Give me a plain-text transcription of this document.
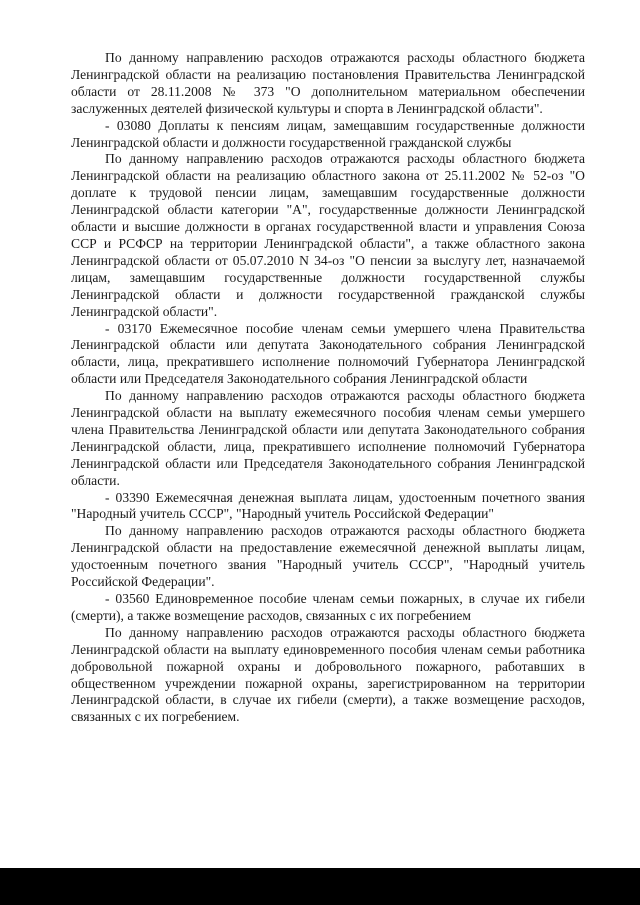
По данному направлению расходов отражаются расходы областного бюджета Ленинградской области на реализацию постановления Правительства Ленинградской области от 28.11.2008 № 373 "О дополнительном материальном обеспечении заслуженных деятелей физической культуры и спорта в Ленинградской области".

- 03080 Доплаты к пенсиям лицам, замещавшим государственные должности Ленинградской области и должности государственной гражданской службы

По данному направлению расходов отражаются расходы областного бюджета Ленинградской области на реализацию областного закона от 25.11.2002 № 52-оз "О доплате к трудовой пенсии лицам, замещавшим государственные должности Ленинградской области категории "А", государственные должности Ленинградской области и высшие должности в органах государственной власти и управления Союза ССР и РСФСР на территории Ленинградской области", а также областного закона Ленинградской области от 05.07.2010 N 34-оз "О пенсии за выслугу лет, назначаемой лицам, замещавшим государственные должности государственной службы Ленинградской области и должности государственной гражданской службы Ленинградской области".

- 03170 Ежемесячное пособие членам семьи умершего члена Правительства Ленинградской области или депутата Законодательного собрания Ленинградской области, лица, прекратившего исполнение полномочий Губернатора Ленинградской области или Председателя Законодательного собрания Ленинградской области

По данному направлению расходов отражаются расходы областного бюджета Ленинградской области на выплату ежемесячного пособия членам семьи умершего члена Правительства Ленинградской области или депутата Законодательного собрания Ленинградской области, лица, прекратившего исполнение полномочий Губернатора Ленинградской области или Председателя Законодательного собрания Ленинградской области.

- 03390 Ежемесячная денежная выплата лицам, удостоенным почетного звания "Народный учитель СССР", "Народный учитель Российской Федерации"

По данному направлению расходов отражаются расходы областного бюджета Ленинградской области на предоставление ежемесячной денежной выплаты лицам, удостоенным почетного звания "Народный учитель СССР", "Народный учитель Российской Федерации".

- 03560 Единовременное пособие членам семьи пожарных, в случае их гибели (смерти), а также возмещение расходов, связанных с их погребением

По данному направлению расходов отражаются расходы областного бюджета Ленинградской области на выплату единовременного пособия членам семьи работника добровольной пожарной охраны и добровольного пожарного, работавших в общественном учреждении пожарной охраны, зарегистрированном на территории Ленинградской области, в случае их гибели (смерти), а также возмещение расходов, связанных с их погребением.
